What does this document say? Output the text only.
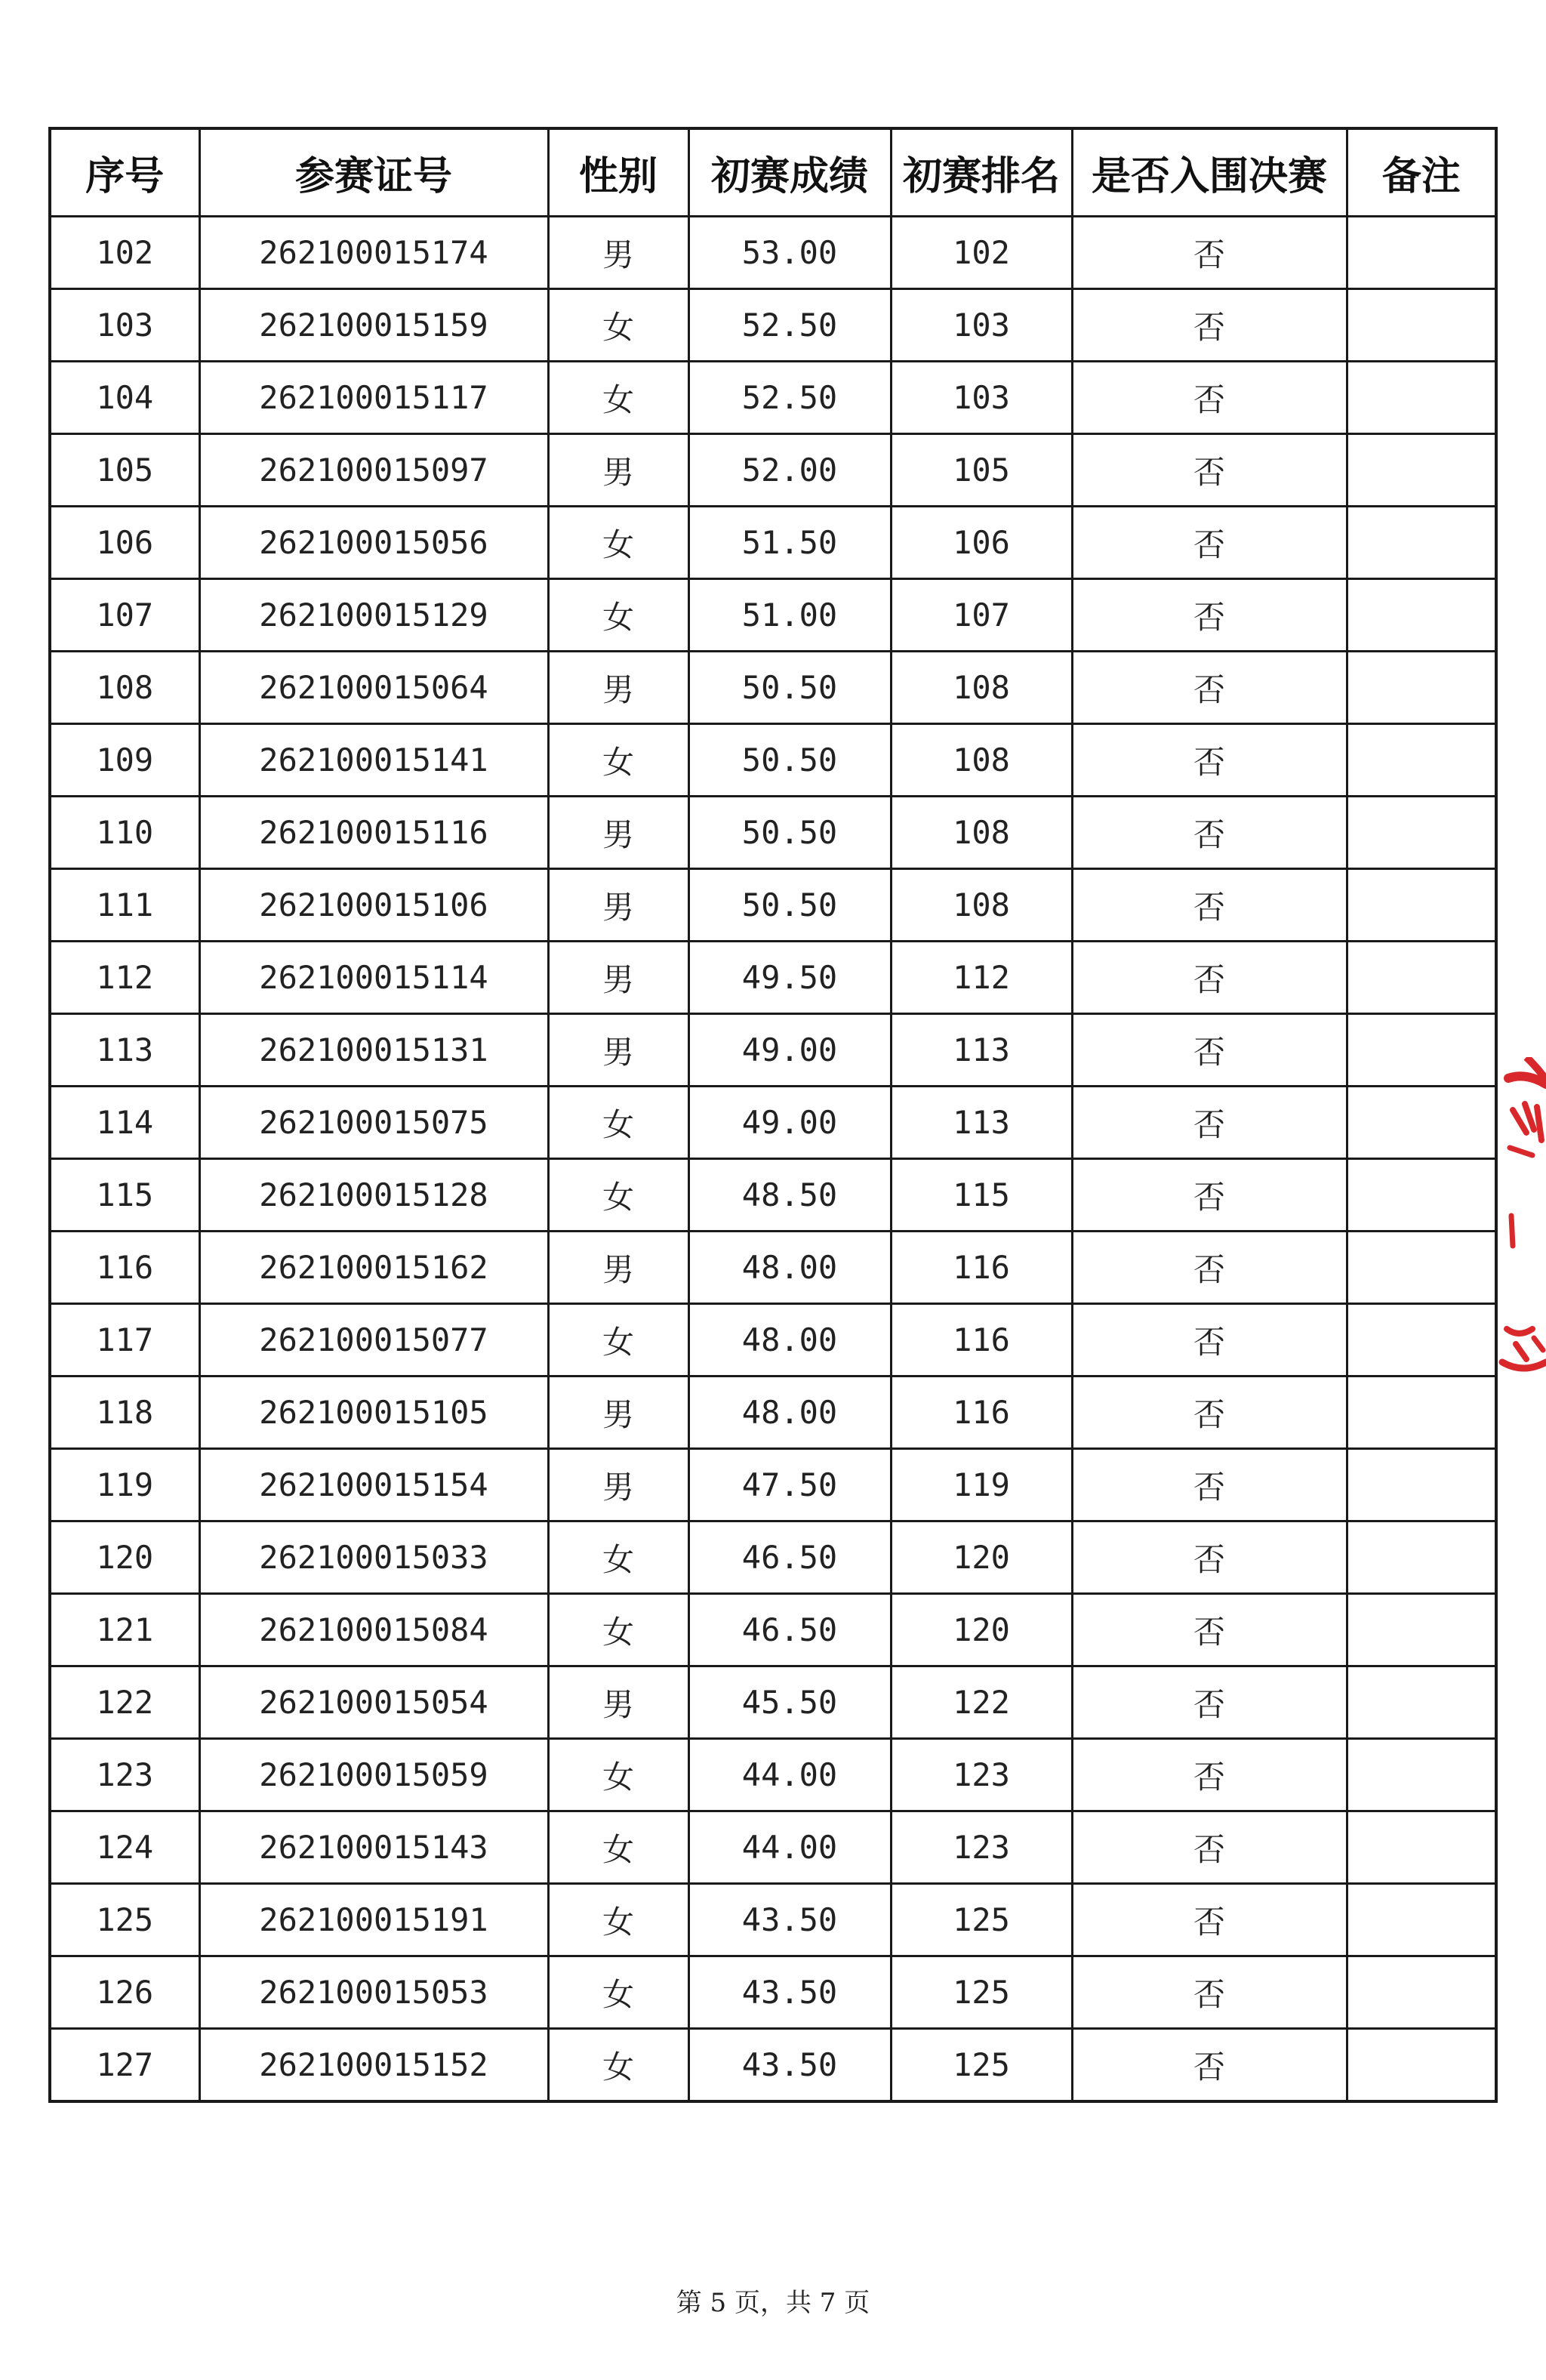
序号	参赛证号	性别	初赛成绩	初赛排名	是否入围决赛	备注
102	262100015174	男	53.00	102	否	
103	262100015159	女	52.50	103	否	
104	262100015117	女	52.50	103	否	
105	262100015097	男	52.00	105	否	
106	262100015056	女	51.50	106	否	
107	262100015129	女	51.00	107	否	
108	262100015064	男	50.50	108	否	
109	262100015141	女	50.50	108	否	
110	262100015116	男	50.50	108	否	
111	262100015106	男	50.50	108	否	
112	262100015114	男	49.50	112	否	
113	262100015131	男	49.00	113	否	
114	262100015075	女	49.00	113	否	
115	262100015128	女	48.50	115	否	
116	262100015162	男	48.00	116	否	
117	262100015077	女	48.00	116	否	
118	262100015105	男	48.00	116	否	
119	262100015154	男	47.50	119	否	
120	262100015033	女	46.50	120	否	
121	262100015084	女	46.50	120	否	
122	262100015054	男	45.50	122	否	
123	262100015059	女	44.00	123	否	
124	262100015143	女	44.00	123	否	
125	262100015191	女	43.50	125	否	
126	262100015053	女	43.50	125	否	
127	262100015152	女	43.50	125	否	
第 5 页，共 7 页
